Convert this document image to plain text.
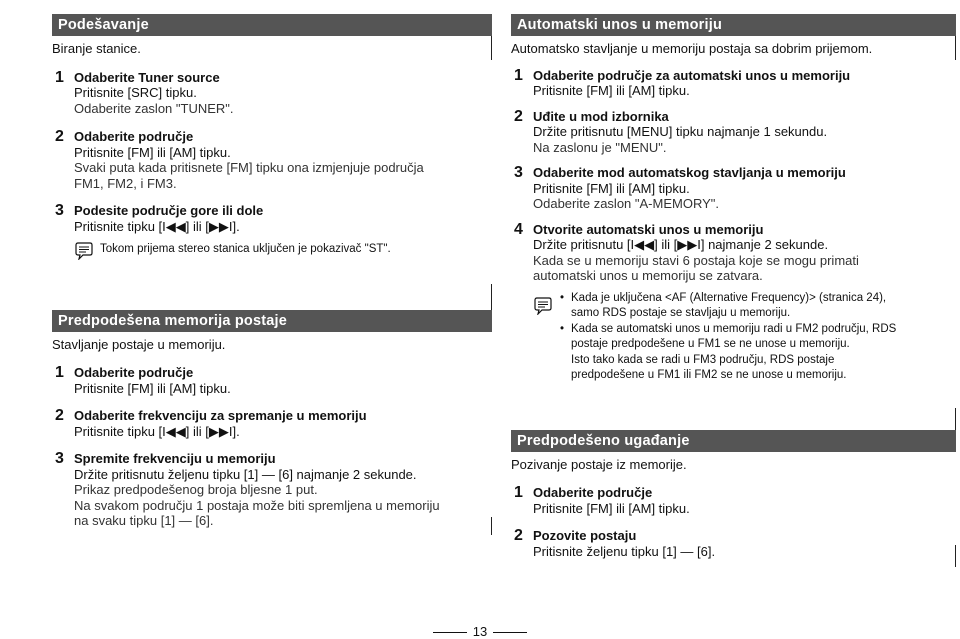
Podešavanje
Biranje stanice.
1 Odaberite Tuner source
Pritisnite [SRC] tipku.
Odaberite zaslon "TUNER".
2 Odaberite područje
Pritisnite [FM] ili [AM] tipku.
Svaki puta kada pritisnete [FM] tipku ona izmjenjuje područja
FM1, FM2, i FM3.
3 Podesite područje gore ili dole
Pritisnite tipku [I◀◀] ili [▶▶I].
Tokom prijema stereo stanica uključen je pokazivač "ST".
Predpodešena memorija postaje
Stavljanje postaje u memoriju.
1 Odaberite područje
Pritisnite [FM] ili [AM] tipku.
2 Odaberite frekvenciju za spremanje u memoriju
Pritisnite tipku [I◀◀] ili [▶▶I].
3 Spremite frekvenciju u memoriju
Držite pritisnutu željenu tipku [1] — [6] najmanje 2 sekunde.
Prikaz predpodešenog broja bljesne 1 put.
Na svakom području 1 postaja može biti spremljena u memoriju
na svaku tipku [1] — [6].
Automatski unos u memoriju
Automatsko stavljanje u memoriju postaja sa dobrim prijemom.
1 Odaberite područje za automatski unos u memoriju
Pritisnite [FM] ili [AM] tipku.
2 Uđite u mod izbornika
Držite pritisnutu [MENU] tipku najmanje 1 sekundu.
Na zaslonu je "MENU".
3 Odaberite mod automatskog stavljanja u memoriju
Pritisnite [FM] ili [AM] tipku.
Odaberite zaslon "A-MEMORY".
4 Otvorite automatski unos u memoriju
Držite pritisnutu [I◀◀] ili [▶▶I] najmanje 2 sekunde.
Kada se u memoriju stavi 6 postaja koje se mogu primati
automatski unos u memoriju se zatvara.
• Kada je uključena <AF (Alternative Frequency)> (stranica 24),
samo RDS postaje se stavljaju u memoriju.
• Kada se automatski unos u memoriju radi u FM2 području, RDS
postaje predpodešene u FM1 se ne unose u memoriju.
Isto tako kada se radi u FM3 području, RDS postaje
predpodešene u FM1 ili FM2 se ne unose u memoriju.
Predpodešeno ugađanje
Pozivanje postaje iz memorije.
1 Odaberite područje
Pritisnite [FM] ili [AM] tipku.
2 Pozovite postaju
Pritisnite željenu tipku [1] — [6].
13
